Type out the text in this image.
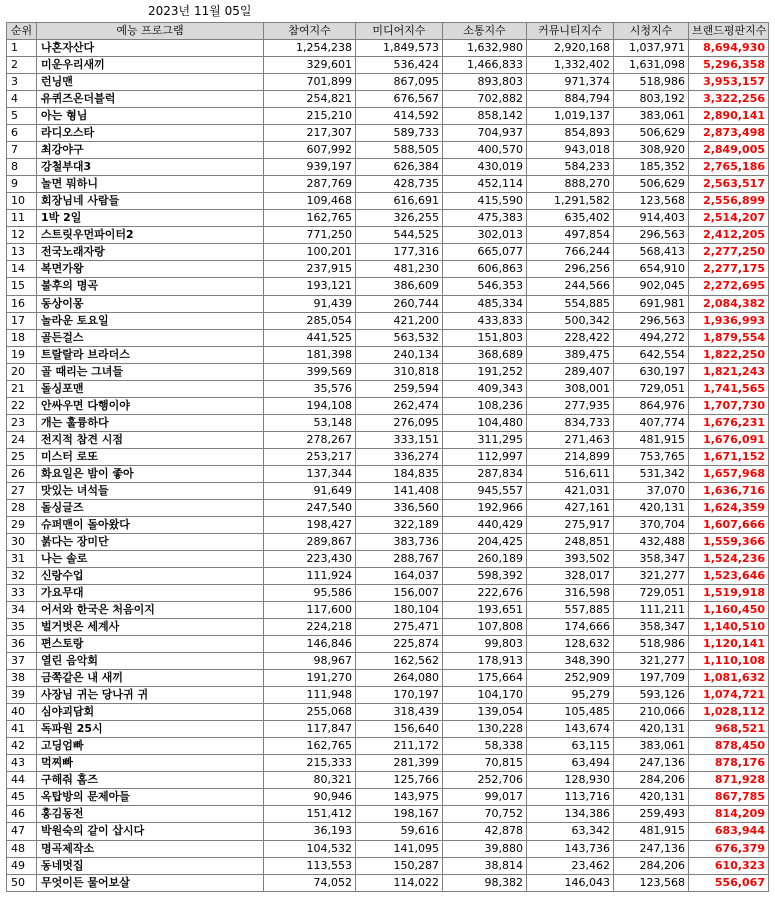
2023년 11월 05일
순위	예능 프로그램	참여지수	미디어지수	소통지수	커뮤니티지수	시청지수	브랜드평판지수
1	나혼자산다	1,254,238	1,849,573	1,632,980	2,920,168	1,037,971	8,694,930
2	미운우리새끼	329,601	536,424	1,466,833	1,332,402	1,631,098	5,296,358
3	런닝맨	701,899	867,095	893,803	971,374	518,986	3,953,157
4	유퀴즈온더블럭	254,821	676,567	702,882	884,794	803,192	3,322,256
5	아는 형님	215,210	414,592	858,142	1,019,137	383,061	2,890,141
6	라디오스타	217,307	589,733	704,937	854,893	506,629	2,873,498
7	최강야구	607,992	588,505	400,570	943,018	308,920	2,849,005
8	강철부대3	939,197	626,384	430,019	584,233	185,352	2,765,186
9	놀면 뭐하니	287,769	428,735	452,114	888,270	506,629	2,563,517
10	회장님네 사람들	109,468	616,691	415,590	1,291,582	123,568	2,556,899
11	1박 2일	162,765	326,255	475,383	635,402	914,403	2,514,207
12	스트릿우먼파이터2	771,250	544,525	302,013	497,854	296,563	2,412,205
13	전국노래자랑	100,201	177,316	665,077	766,244	568,413	2,277,250
14	복면가왕	237,915	481,230	606,863	296,256	654,910	2,277,175
15	불후의 명곡	193,121	386,609	546,353	244,566	902,045	2,272,695
16	동상이몽	91,439	260,744	485,334	554,885	691,981	2,084,382
17	놀라운 토요일	285,054	421,200	433,833	500,342	296,563	1,936,993
18	골든걸스	441,525	563,532	151,803	228,422	494,272	1,879,554
19	트랄랄라 브라더스	181,398	240,134	368,689	389,475	642,554	1,822,250
20	골 때리는 그녀들	399,569	310,818	191,252	289,407	630,197	1,821,243
21	돌싱포맨	35,576	259,594	409,343	308,001	729,051	1,741,565
22	안싸우면 다행이야	194,108	262,474	108,236	277,935	864,976	1,707,730
23	개는 훌륭하다	53,148	276,095	104,480	834,733	407,774	1,676,231
24	전지적 참견 시점	278,267	333,151	311,295	271,463	481,915	1,676,091
25	미스터 로또	253,217	336,274	112,997	214,899	753,765	1,671,152
26	화요일은 밤이 좋아	137,344	184,835	287,834	516,611	531,342	1,657,968
27	맛있는 녀석들	91,649	141,408	945,557	421,031	37,070	1,636,716
28	돌싱글즈	247,540	336,560	192,966	427,161	420,131	1,624,359
29	슈퍼맨이 돌아왔다	198,427	322,189	440,429	275,917	370,704	1,607,666
30	붉다는 장미단	289,867	383,736	204,425	248,851	432,488	1,559,366
31	나는 솔로	223,430	288,767	260,189	393,502	358,347	1,524,236
32	신랑수업	111,924	164,037	598,392	328,017	321,277	1,523,646
33	가요무대	95,586	156,007	222,676	316,598	729,051	1,519,918
34	어서와 한국은 처음이지	117,600	180,104	193,651	557,885	111,211	1,160,450
35	벌거벗은 세계사	224,218	275,471	107,808	174,666	358,347	1,140,510
36	편스토랑	146,846	225,874	99,803	128,632	518,986	1,120,141
37	열린 음악회	98,967	162,562	178,913	348,390	321,277	1,110,108
38	금쪽같은 내 새끼	191,270	264,080	175,664	252,909	197,709	1,081,632
39	사장님 귀는 당나귀 귀	111,948	170,197	104,170	95,279	593,126	1,074,721
40	심야괴담회	255,068	318,439	139,054	105,485	210,066	1,028,112
41	독파원 25시	117,847	156,640	130,228	143,674	420,131	968,521
42	고딩엄빠	162,765	211,172	58,338	63,115	383,061	878,450
43	먹찌빠	215,333	281,399	70,815	63,494	247,136	878,176
44	구해줘 홈즈	80,321	125,766	252,706	128,930	284,206	871,928
45	옥탑방의 문제아들	90,946	143,975	99,017	113,716	420,131	867,785
46	홍김동전	151,412	198,167	70,752	134,386	259,493	814,209
47	박원숙의 같이 삽시다	36,193	59,616	42,878	63,342	481,915	683,944
48	명곡제작소	104,532	141,095	39,880	143,736	247,136	676,379
49	동네멋집	113,553	150,287	38,814	23,462	284,206	610,323
50	무엇이든 물어보살	74,052	114,022	98,382	146,043	123,568	556,067
